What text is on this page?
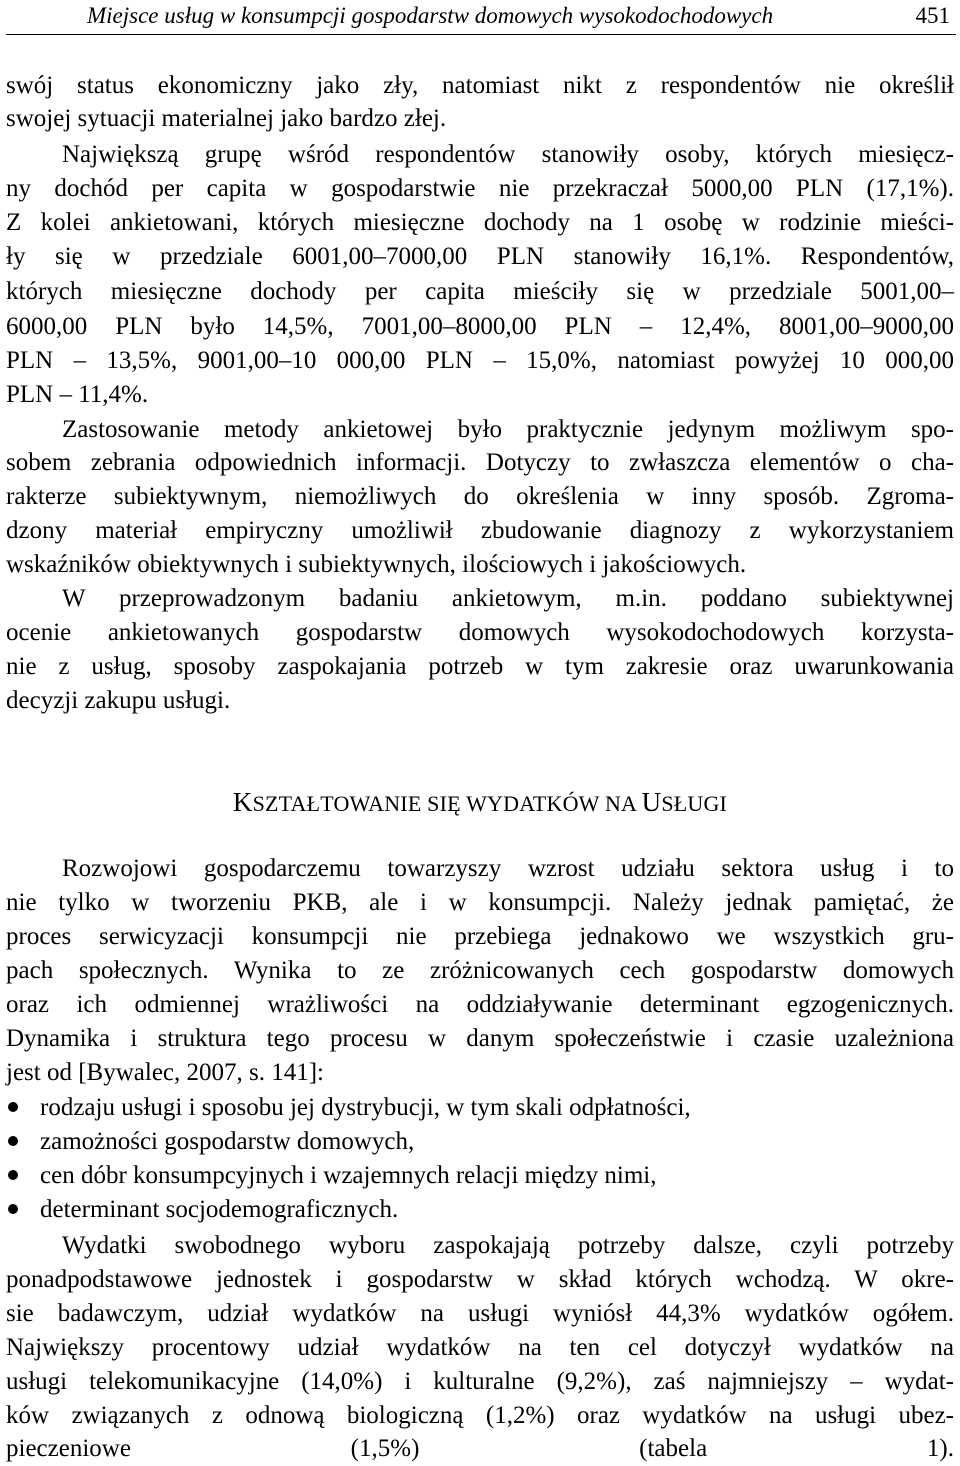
Miejsce usług w konsumpcji gospodarstw domowych wysokodochodowych	451
swój status ekonomiczny jako zły, natomiast nikt z respondentów nie określił
swojej sytuacji materialnej jako bardzo złej.
Największą grupę wśród respondentów stanowiły osoby, których miesięcz-
ny dochód per capita w gospodarstwie nie przekraczał 5000,00 PLN (17,1%).
Z kolei ankietowani, których miesięczne dochody na 1 osobę w rodzinie mieści-
ły się w przedziale 6001,00–7000,00 PLN stanowiły 16,1%. Respondentów,
których miesięczne dochody per capita mieściły się w przedziale 5001,00–
6000,00 PLN było 14,5%, 7001,00–8000,00 PLN – 12,4%, 8001,00–9000,00
PLN – 13,5%, 9001,00–10 000,00 PLN – 15,0%, natomiast powyżej 10 000,00
PLN – 11,4%.
Zastosowanie metody ankietowej było praktycznie jedynym możliwym spo-
sobem zebrania odpowiednich informacji. Dotyczy to zwłaszcza elementów o cha-
rakterze subiektywnym, niemożliwych do określenia w inny sposób. Zgroma-
dzony materiał empiryczny umożliwił zbudowanie diagnozy z wykorzystaniem
wskaźników obiektywnych i subiektywnych, ilościowych i jakościowych.
W przeprowadzonym badaniu ankietowym, m.in. poddano subiektywnej
ocenie ankietowanych gospodarstw domowych wysokodochodowych korzysta-
nie z usług, sposoby zaspokajania potrzeb w tym zakresie oraz uwarunkowania
decyzji zakupu usługi.
KSZTAŁTOWANIE SIĘ WYDATKÓW NA USŁUGI
Rozwojowi gospodarczemu towarzyszy wzrost udziału sektora usług i to
nie tylko w tworzeniu PKB, ale i w konsumpcji. Należy jednak pamiętać, że
proces serwicyzacji konsumpcji nie przebiega jednakowo we wszystkich gru-
pach społecznych. Wynika to ze zróżnicowanych cech gospodarstw domowych
oraz ich odmiennej wrażliwości na oddziaływanie determinant egzogenicznych.
Dynamika i struktura tego procesu w danym społeczeństwie i czasie uzależniona
jest od [Bywalec, 2007, s. 141]:
rodzaju usługi i sposobu jej dystrybucji, w tym skali odpłatności,
zamożności gospodarstw domowych,
cen dóbr konsumpcyjnych i wzajemnych relacji między nimi,
determinant socjodemograficznych.
Wydatki swobodnego wyboru zaspokajają potrzeby dalsze, czyli potrzeby
ponadpodstawowe jednostek i gospodarstw w skład których wchodzą. W okre-
sie badawczym, udział wydatków na usługi wyniósł 44,3% wydatków ogółem.
Największy procentowy udział wydatków na ten cel dotyczył wydatków na
usługi telekomunikacyjne (14,0%) i kulturalne (9,2%), zaś najmniejszy – wydat-
ków związanych z odnową biologiczną (1,2%) oraz wydatków na usługi ubez-
pieczeniowe (1,5%) (tabela 1).
